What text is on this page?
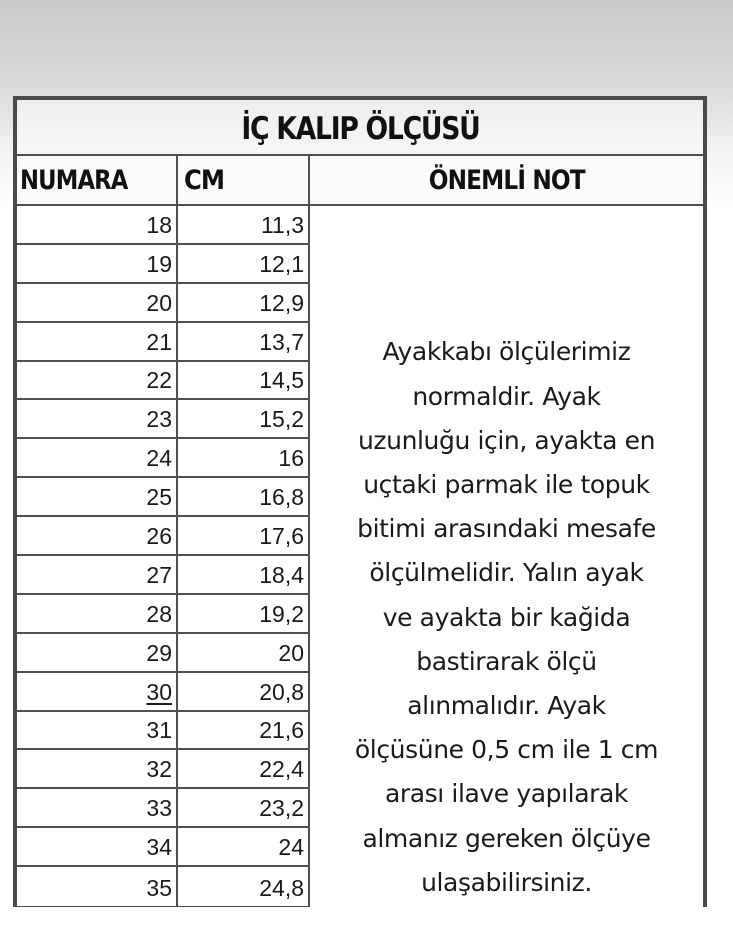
İÇ KALIP ÖLÇÜSÜ
NUMARA CM	ÖNEMLİ NOT
18	11,3
19	12,1
20	12,9
21	13,7
22	14,5
23	15,2
24	16
25	16,8
26	17,6
27	18,4
28	19,2
29	20
30	20,8
31	21,6
32	22,4
33	23,2
34	24
35	24,8

Ayakkabı ölçülerimiz
normaldir. Ayak
uzunluğu için, ayakta en
uçtaki parmak ile topuk
bitimi arasındaki mesafe
ölçülmelidir. Yalın ayak
ve ayakta bir kağida
bastirarak ölçü
alınmalıdır. Ayak
ölçüsüne 0,5 cm ile 1 cm
arası ilave yapılarak
almanız gereken ölçüye
ulaşabilirsiniz.
